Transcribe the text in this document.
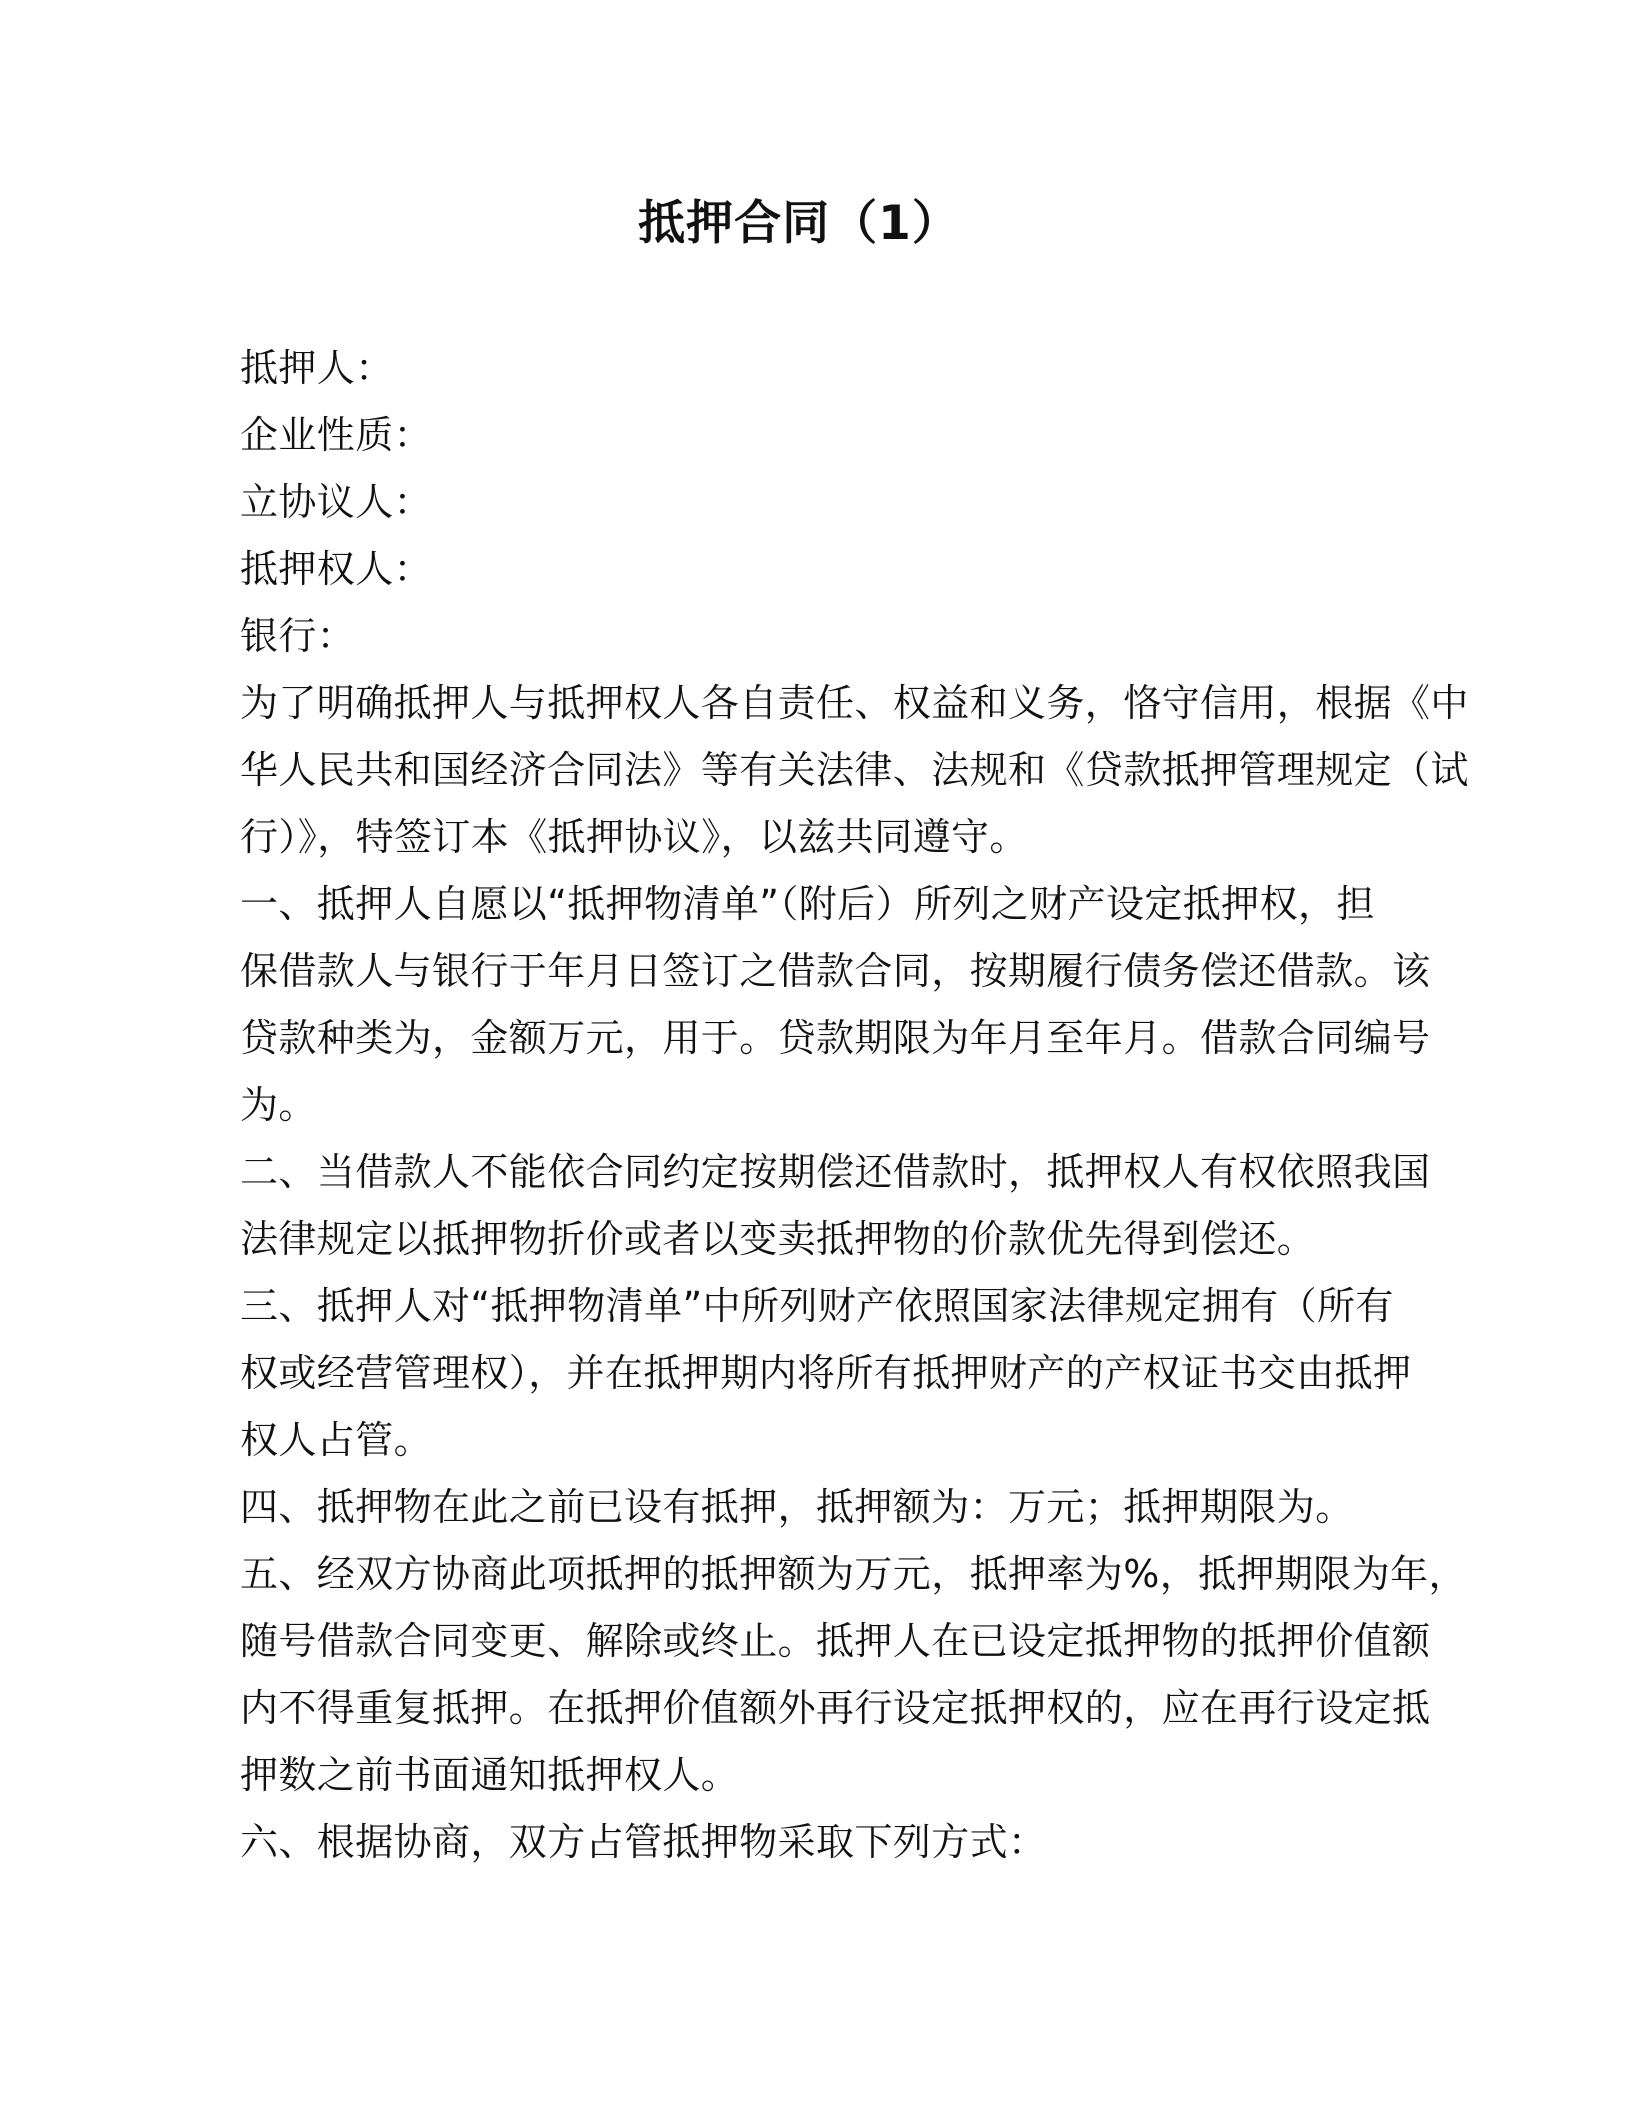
抵押合同（1）
抵押人：
企业性质：
立协议人：
抵押权人：
银行：
为了明确抵押人与抵押权人各自责任、权益和义务，恪守信用，根据《中
华人民共和国经济合同法》等有关法律、法规和《贷款抵押管理规定（试
行）》，特签订本《抵押协议》，以兹共同遵守。
一、抵押人自愿以“抵押物清单”（附后）所列之财产设定抵押权，担
保借款人与银行于年月日签订之借款合同，按期履行债务偿还借款。该
贷款种类为，金额万元，用于。贷款期限为年月至年月。借款合同编号
为。
二、当借款人不能依合同约定按期偿还借款时，抵押权人有权依照我国
法律规定以抵押物折价或者以变卖抵押物的价款优先得到偿还。
三、抵押人对“抵押物清单”中所列财产依照国家法律规定拥有（所有
权或经营管理权），并在抵押期内将所有抵押财产的产权证书交由抵押
权人占管。
四、抵押物在此之前已设有抵押，抵押额为：万元；抵押期限为。
五、经双方协商此项抵押的抵押额为万元，抵押率为%，抵押期限为年，
随号借款合同变更、解除或终止。抵押人在已设定抵押物的抵押价值额
内不得重复抵押。在抵押价值额外再行设定抵押权的，应在再行设定抵
押数之前书面通知抵押权人。
六、根据协商，双方占管抵押物采取下列方式：
